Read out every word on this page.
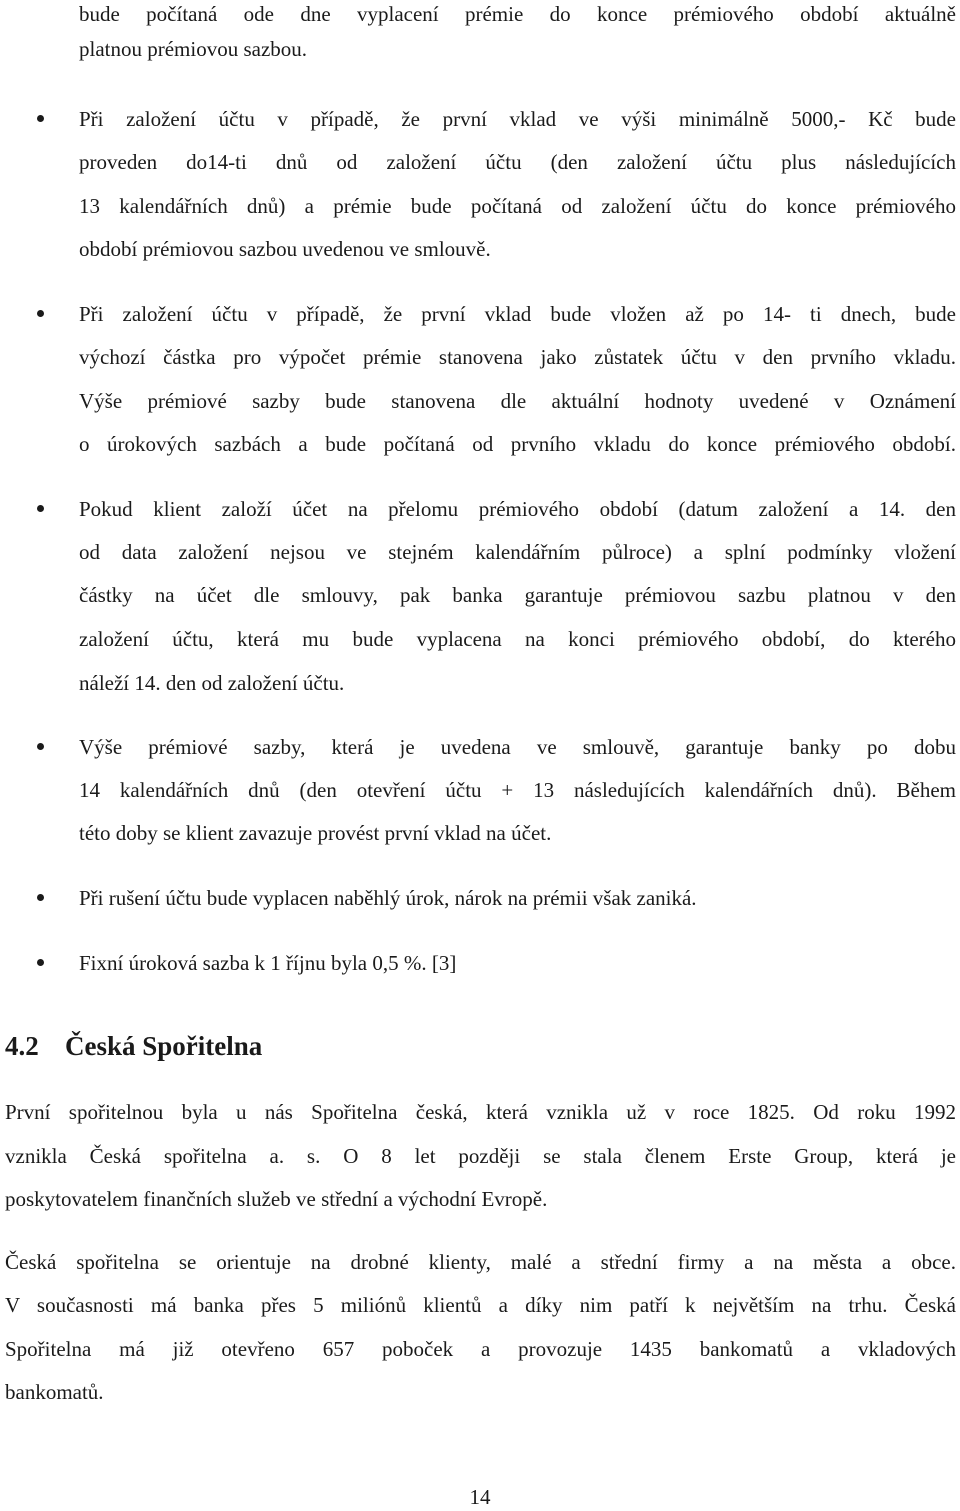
bude počítaná ode dne vyplacení prémie do konce prémiového období aktuálně
platnou prémiovou sazbou.
Při založení účtu v případě, že první vklad ve výši minimálně 5000,- Kč bude
proveden do14-ti dnů od založení účtu (den založení účtu plus následujících
13 kalendářních dnů) a prémie bude počítaná od založení účtu do konce prémiového
období prémiovou sazbou uvedenou ve smlouvě.
Při založení účtu v případě, že první vklad bude vložen až po 14- ti dnech, bude
výchozí částka pro výpočet prémie stanovena jako zůstatek účtu v den prvního vkladu.
Výše prémiové sazby bude stanovena dle aktuální hodnoty uvedené v Oznámení
o úrokových sazbách a bude počítaná od prvního vkladu do konce prémiového období.
Pokud klient založí účet na přelomu prémiového období (datum založení a 14. den
od data založení nejsou ve stejném kalendářním půlroce) a splní podmínky vložení
částky na účet dle smlouvy, pak banka garantuje prémiovou sazbu platnou v den
založení účtu, která mu bude vyplacena na konci prémiového období, do kterého
náleží 14. den od založení účtu.
Výše prémiové sazby, která je uvedena ve smlouvě, garantuje banky po dobu
14 kalendářních dnů (den otevření účtu + 13 následujících kalendářních dnů). Během
této doby se klient zavazuje provést první vklad na účet.
Při rušení účtu bude vyplacen naběhlý úrok, nárok na prémii však zaniká.
Fixní úroková sazba k 1 říjnu byla 0,5 %. [3]
4.2 Česká Spořitelna
První spořitelnou byla u nás Spořitelna česká, která vznikla už v roce 1825. Od roku 1992
vznikla Česká spořitelna a. s. O 8 let později se stala členem Erste Group, která je
poskytovatelem finančních služeb ve střední a východní Evropě.
Česká spořitelna se orientuje na drobné klienty, malé a střední firmy a na města a obce.
V současnosti má banka přes 5 miliónů klientů a díky nim patří k největším na trhu. Česká
Spořitelna má již otevřeno 657 poboček a provozuje 1435 bankomatů a vkladových
bankomatů.
14
